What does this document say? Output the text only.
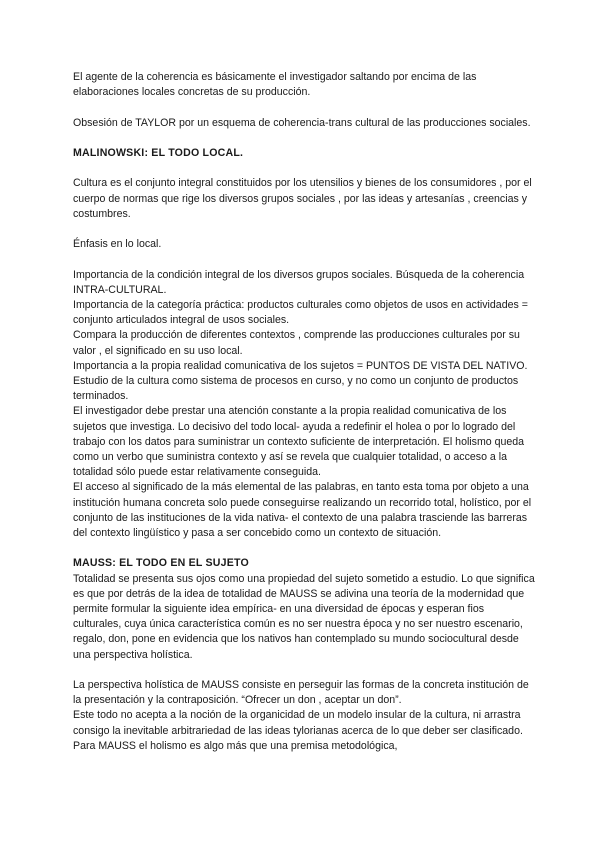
El agente de la coherencia es básicamente el investigador saltando por encima de las elaboraciones locales concretas de su producción.

Obsesión de TAYLOR por un esquema de coherencia-trans cultural de las producciones sociales.

MALINOWSKI: EL TODO LOCAL.

Cultura es el conjunto integral constituidos por los utensilios y bienes de los consumidores , por el cuerpo de normas que rige los diversos grupos sociales , por las ideas y artesanías , creencias y costumbres.

Énfasis en lo local.

Importancia de la condición integral de los diversos grupos sociales. Búsqueda de la coherencia INTRA-CULTURAL.

Importancia de la categoría práctica: productos culturales como objetos de usos en actividades = conjunto articulados integral de usos sociales.

Compara la producción de diferentes contextos , comprende las producciones culturales por su valor , el significado en su uso local.

Importancia a la propia realidad comunicativa de los sujetos = PUNTOS DE VISTA DEL NATIVO.

Estudio de la cultura como sistema de procesos en curso, y no como un conjunto de productos terminados.

El investigador debe prestar una atención constante a la propia realidad comunicativa de los sujetos que investiga. Lo decisivo del todo local- ayuda a redefinir el holea o por lo logrado del trabajo con los datos para suministrar un contexto suficiente de interpretación. El holismo queda como un verbo que suministra contexto y así se revela que cualquier totalidad, o acceso a la totalidad sólo puede estar relativamente conseguida.

El acceso al significado de la más elemental de las palabras, en tanto esta toma por objeto a una institución humana concreta solo puede conseguirse realizando un recorrido total, holístico, por el conjunto de las instituciones de la vida nativa- el contexto de una palabra trasciende las barreras del contexto lingüístico y pasa a ser concebido como un contexto de situación.

MAUSS: EL TODO EN EL SUJETO

Totalidad se presenta sus ojos como una propiedad del sujeto sometido a estudio. Lo que significa es que por detrás de la idea de totalidad de MAUSS se adivina una teoría de la modernidad que permite formular la siguiente idea empírica- en una diversidad de épocas y esperan fios culturales, cuya única característica común es no ser nuestra época y no ser nuestro escenario, regalo, don, pone en evidencia que los nativos han contemplado su mundo sociocultural desde una perspectiva holística.

La perspectiva holística de MAUSS consiste en perseguir las formas de la concreta institución de la presentación y la contraposición. “Ofrecer un don , aceptar un don”.

Este todo no acepta a la noción de la organicidad de un modelo insular de la cultura, ni arrastra consigo la inevitable arbitrariedad de las ideas tylorianas acerca de lo que deber ser clasificado. Para MAUSS el holismo es algo más que una premisa metodológica,
